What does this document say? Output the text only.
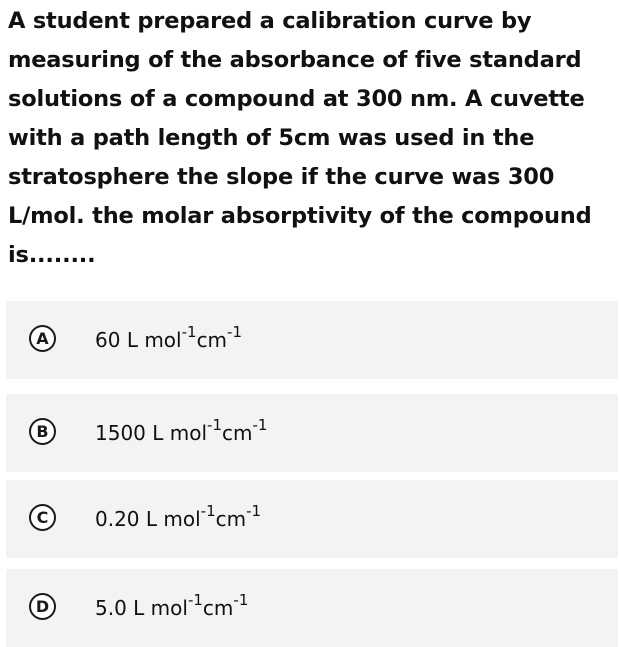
A student prepared a calibration curve by
measuring of the absorbance of five standard
solutions of a compound at 300 nm. A cuvette
with a path length of 5cm was used in the
stratosphere the slope if the curve was 300
L/mol. the molar absorptivity of the compound
is........
A	60 L $mol^{-1}cm^{-1}$
B	1500 L $mol^{-1}cm^{-1}$
C	0.20 L $mol^{-1}cm^{-1}$
D	5.0 L $mol^{-1}cm^{-1}$
